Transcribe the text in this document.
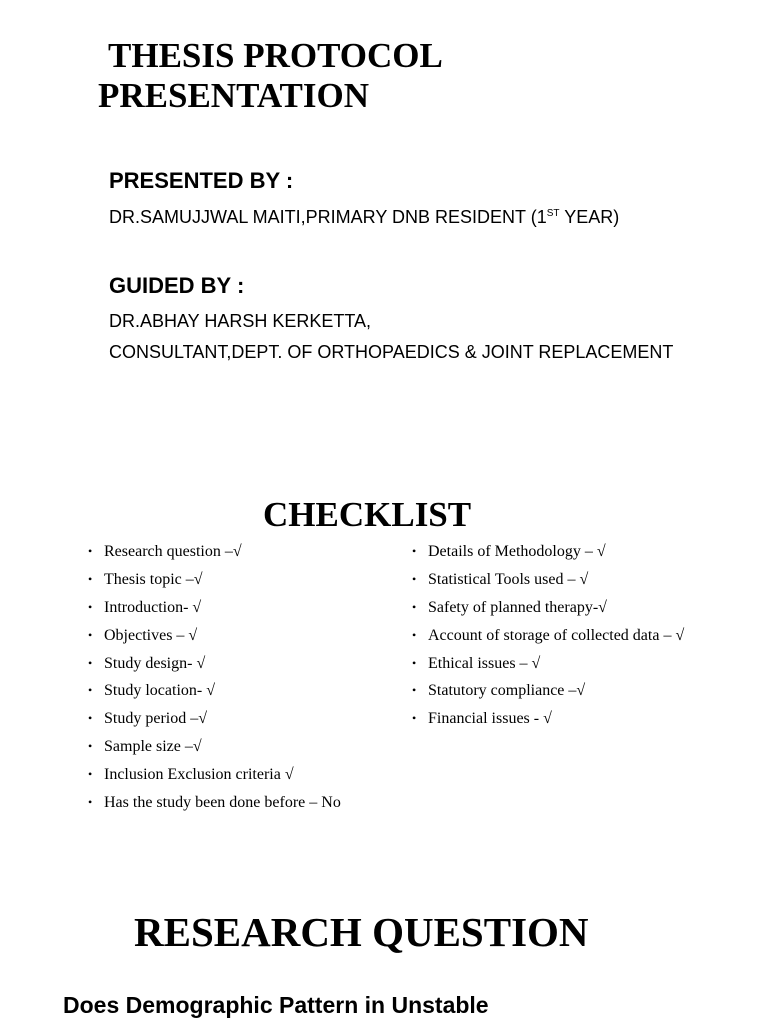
THESIS PROTOCOL
PRESENTATION
PRESENTED BY :
DR.SAMUJJWAL MAITI,PRIMARY DNB RESIDENT (1ST YEAR)
GUIDED BY :
DR.ABHAY HARSH KERKETTA,
CONSULTANT,DEPT. OF ORTHOPAEDICS & JOINT REPLACEMENT
CHECKLIST
• Research question –√
• Thesis topic –√
• Introduction- √
• Objectives – √
• Study design- √
• Study location- √
• Study period –√
• Sample size –√
• Inclusion Exclusion criteria √
• Has the study been done before – No
• Details of Methodology – √
• Statistical Tools used – √
• Safety of planned therapy-√
• Account of storage of collected data – √
• Ethical issues – √
• Statutory compliance –√
• Financial issues - √
RESEARCH QUESTION
Does Demographic Pattern in Unstable
